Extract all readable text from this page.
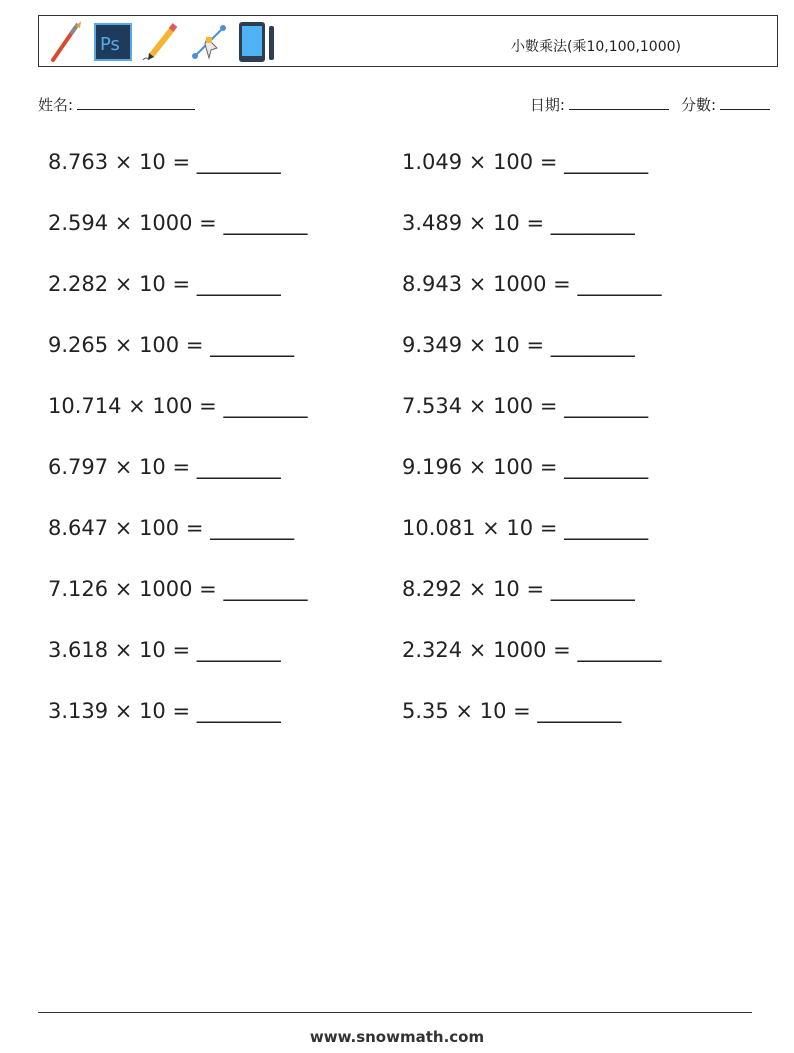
Ps	小數乘法(乘10,100,1000)
姓名:	日期:	分數:
8.763 × 10 = ________	1.049 × 100 = ________
2.594 × 1000 = ________	3.489 × 10 = ________
2.282 × 10 = ________	8.943 × 1000 = ________
9.265 × 100 = ________	9.349 × 10 = ________
10.714 × 100 = ________	7.534 × 100 = ________
6.797 × 10 = ________	9.196 × 100 = ________
8.647 × 100 = ________	10.081 × 10 = ________
7.126 × 1000 = ________	8.292 × 10 = ________
3.618 × 10 = ________	2.324 × 1000 = ________
3.139 × 10 = ________	5.35 × 10 = ________
www.snowmath.com
